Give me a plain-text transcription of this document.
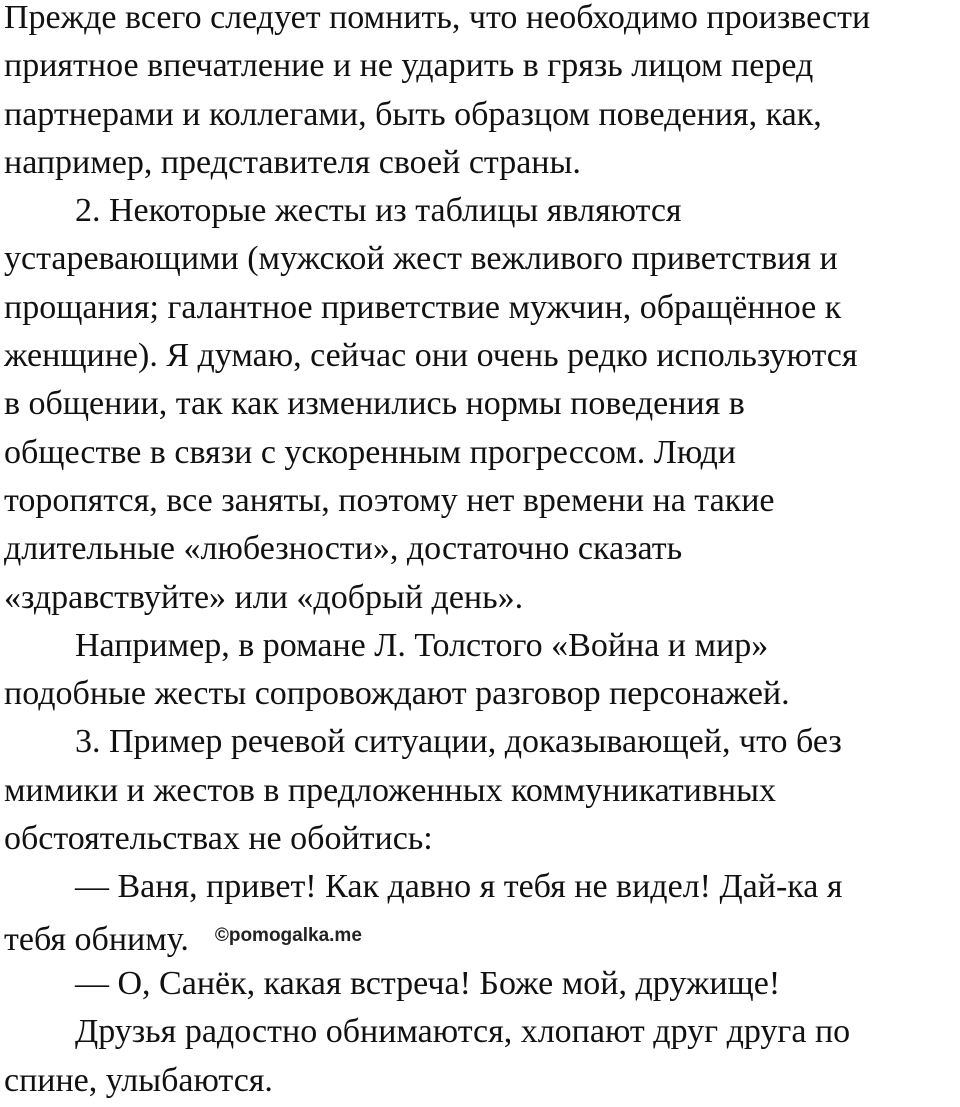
Прежде всего следует помнить, что необходимо произвести
приятное впечатление и не ударить в грязь лицом перед
партнерами и коллегами, быть образцом поведения, как,
например, представителя своей страны.

2. Некоторые жесты из таблицы являются
устаревающими (мужской жест вежливого приветствия и
прощания; галантное приветствие мужчин, обращённое к
женщине). Я думаю, сейчас они очень редко используются
в общении, так как изменились нормы поведения в
обществе в связи с ускоренным прогрессом. Люди
торопятся, все заняты, поэтому нет времени на такие
длительные «любезности», достаточно сказать
«здравствуйте» или «добрый день».

Например, в романе Л. Толстого «Война и мир»
подобные жесты сопровождают разговор персонажей.

3. Пример речевой ситуации, доказывающей, что без
мимики и жестов в предложенных коммуникативных
обстоятельствах не обойтись:

— Ваня, привет! Как давно я тебя не видел! Дай-ка я
тебя обниму. $^{©pomogalka.me}$

— О, Санёк, какая встреча! Боже мой, дружище!

Друзья радостно обнимаются, хлопают друг друга по
спине, улыбаются.
